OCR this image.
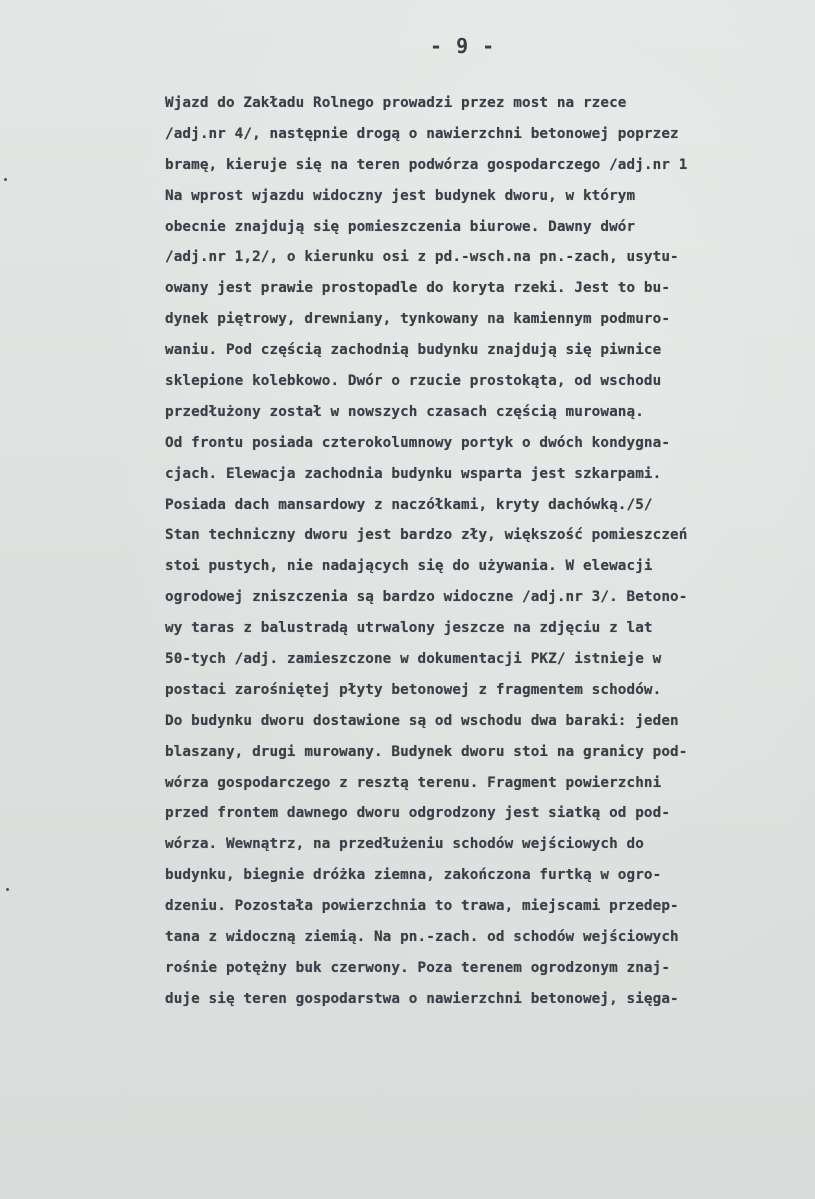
- 9 -
Wjazd do Zakładu Rolnego prowadzi przez most na rzece
/adj.nr 4/, następnie drogą o nawierzchni betonowej poprzez
bramę, kieruje się na teren podwórza gospodarczego /adj.nr 1
Na wprost wjazdu widoczny jest budynek dworu, w którym
obecnie znajdują się pomieszczenia biurowe. Dawny dwór
/adj.nr 1,2/, o kierunku osi z pd.-wsch.na pn.-zach, usytu-
owany jest prawie prostopadle do koryta rzeki. Jest to bu-
dynek piętrowy, drewniany, tynkowany na kamiennym podmuro-
waniu. Pod częścią zachodnią budynku znajdują się piwnice
sklepione kolebkowo. Dwór o rzucie prostokąta, od wschodu
przedłużony został w nowszych czasach częścią murowaną.
Od frontu posiada czterokolumnowy portyk o dwóch kondygna-
cjach. Elewacja zachodnia budynku wsparta jest szkarpami.
Posiada dach mansardowy z naczółkami, kryty dachówką./5/
Stan techniczny dworu jest bardzo zły, większość pomieszczeń
stoi pustych, nie nadających się do używania. W elewacji
ogrodowej zniszczenia są bardzo widoczne /adj.nr 3/. Betono-
wy taras z balustradą utrwalony jeszcze na zdjęciu z lat
50-tych /adj. zamieszczone w dokumentacji PKZ/ istnieje w
postaci zarośniętej płyty betonowej z fragmentem schodów.
Do budynku dworu dostawione są od wschodu dwa baraki: jeden
blaszany, drugi murowany. Budynek dworu stoi na granicy pod-
wórza gospodarczego z resztą terenu. Fragment powierzchni
przed frontem dawnego dworu odgrodzony jest siatką od pod-
wórza. Wewnątrz, na przedłużeniu schodów wejściowych do
budynku, biegnie dróżka ziemna, zakończona furtką w ogro-
dzeniu. Pozostała powierzchnia to trawa, miejscami przedep-
tana z widoczną ziemią. Na pn.-zach. od schodów wejściowych
rośnie potężny buk czerwony. Poza terenem ogrodzonym znaj-
duje się teren gospodarstwa o nawierzchni betonowej, sięga-
